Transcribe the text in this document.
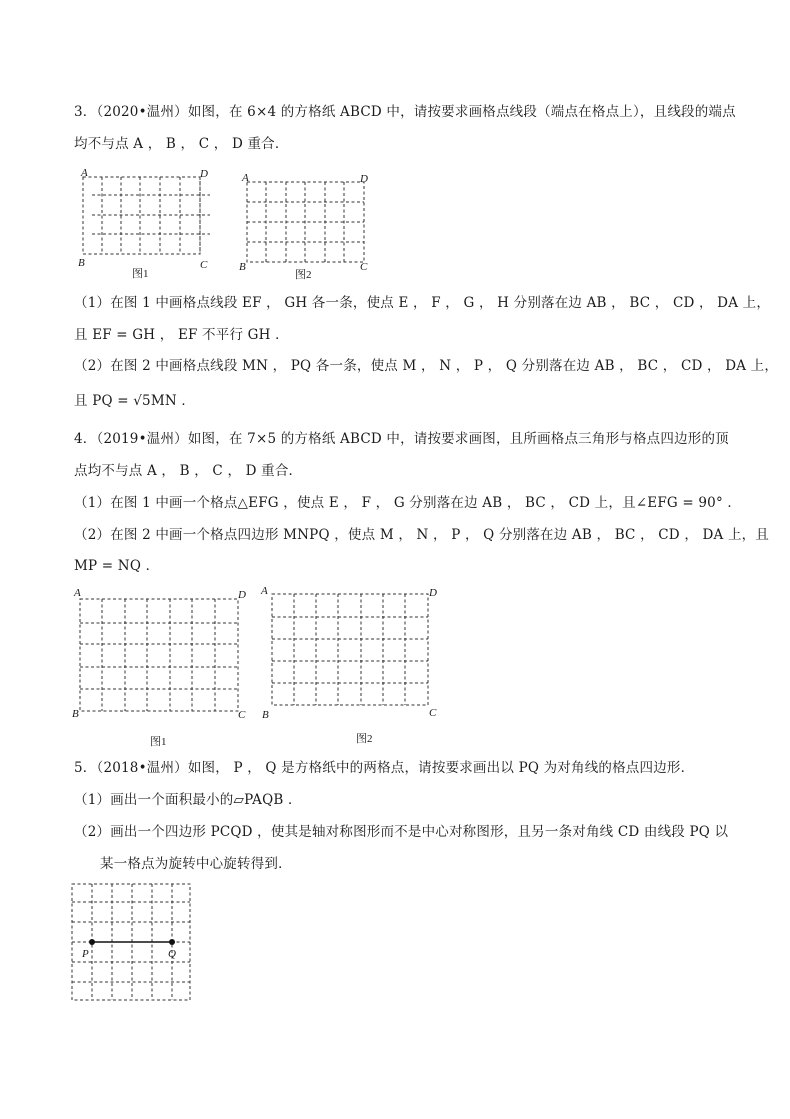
3．（2020•温州）如图，在 6×4 的方格纸 ABCD 中，请按要求画格点线段（端点在格点上），且线段的端点
均不与点 A ， B ， C ， D 重合．
A	D
B	C
图1
A	D
B	C
图2
（1）在图 1 中画格点线段 EF ， GH 各一条，使点 E ， F ， G ， H 分别落在边 AB ， BC ， CD ， DA 上，
且 EF = GH ， EF 不平行 GH ．
（2）在图 2 中画格点线段 MN ， PQ 各一条，使点 M ， N ， P ， Q 分别落在边 AB ， BC ， CD ， DA 上，
且 PQ = √5MN ．
4．（2019•温州）如图，在 7×5 的方格纸 ABCD 中，请按要求画图，且所画格点三角形与格点四边形的顶
点均不与点 A ， B ， C ， D 重合．
（1）在图 1 中画一个格点△EFG ，使点 E ， F ， G 分别落在边 AB ， BC ， CD 上，且∠EFG = 90° ．
（2）在图 2 中画一个格点四边形 MNPQ ，使点 M ， N ， P ， Q 分别落在边 AB ， BC ， CD ， DA 上，且
MP = NQ ．
A	D
B	C
图1
A	D
B	C
图2
5．（2018•温州）如图， P ， Q 是方格纸中的两格点，请按要求画出以 PQ 为对角线的格点四边形．
（1）画出一个面积最小的▱PAQB ．
（2）画出一个四边形 PCQD ，使其是轴对称图形而不是中心对称图形，且另一条对角线 CD 由线段 PQ 以
某一格点为旋转中心旋转得到．
P	Q
